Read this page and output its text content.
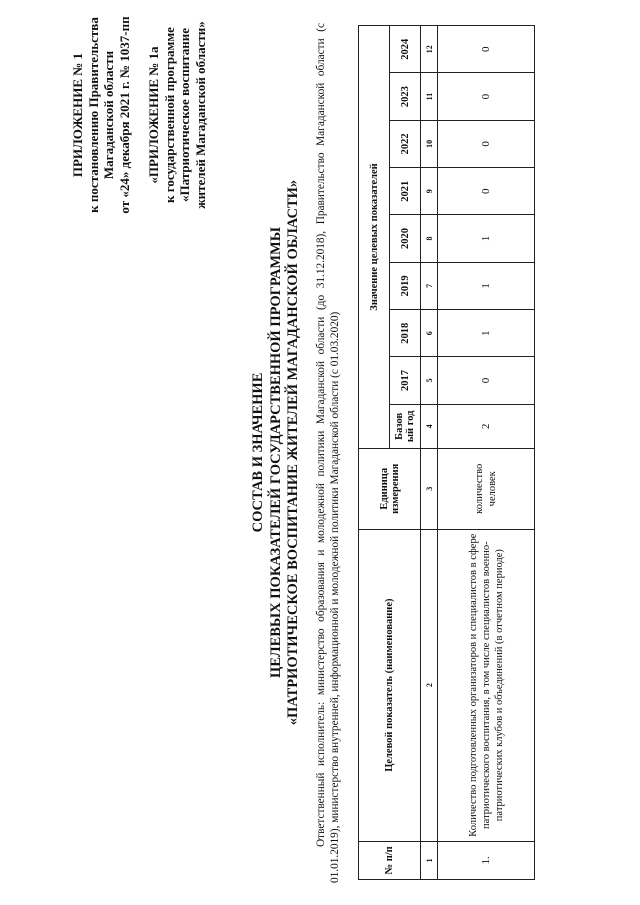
ПРИЛОЖЕНИЕ № 1 к постановлению Правительства Магаданской области от «24» декабря 2021 г. № 1037-пп «ПРИЛОЖЕНИЕ № 1а к государственной программе «Патриотическое воспитание жителей Магаданской области»
СОСТАВ И ЗНАЧЕНИЕ ЦЕЛЕВЫХ ПОКАЗАТЕЛЕЙ ГОСУДАРСТВЕННОЙ ПРОГРАММЫ «ПАТРИОТИЧЕСКОЕ ВОСПИТАНИЕ ЖИТЕЛЕЙ МАГАДАНСКОЙ ОБЛАСТИ» Ответственный исполнитель: министерство образования и молодежной политики Магаданской области (до 31.12.2018), Правительство Магаданской области (с 01.01.2019), министерство внутренней, информационной и молодежной политики Магаданской области (с 01.03.2020)	№ п/п	Целевой показатель (наименование)	Единица измерения	Значение целевых показателей								
			Базов ый год	2017	2018	2019	2020	2021	2022	2023	2024
1	2	3	4	5	6	7	8	9	10	11	12
1.	Количество подготовленных организаторов и специалистов в сфере патриотического воспитания, в том числе специалистов военно-патриотических клубов и объединений (в отчетном периоде)	количество человек	2	0	1	1	1	0	0	0	0
